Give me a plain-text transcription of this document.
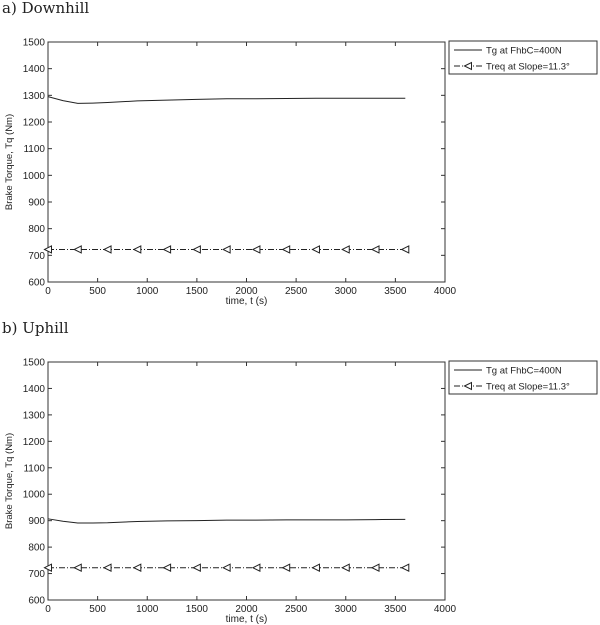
a) Downhill
b) Uphill
0	500	1000	1500	2000	2500	3000	3500	4000
600
700
800
900
1000
1100
1200
1300
1400
1500
time, t (s)
Brake Torque, Tq (Nm)
Tg at FhbC=400N
Treq at Slope=11.3°
0	500	1000	1500	2000	2500	3000	3500	4000
600
700
800
900
1000
1100
1200
1300
1400
1500
time, t (s)
Brake Torque, Tq (Nm)
Tg at FhbC=400N
Treq at Slope=11.3°
